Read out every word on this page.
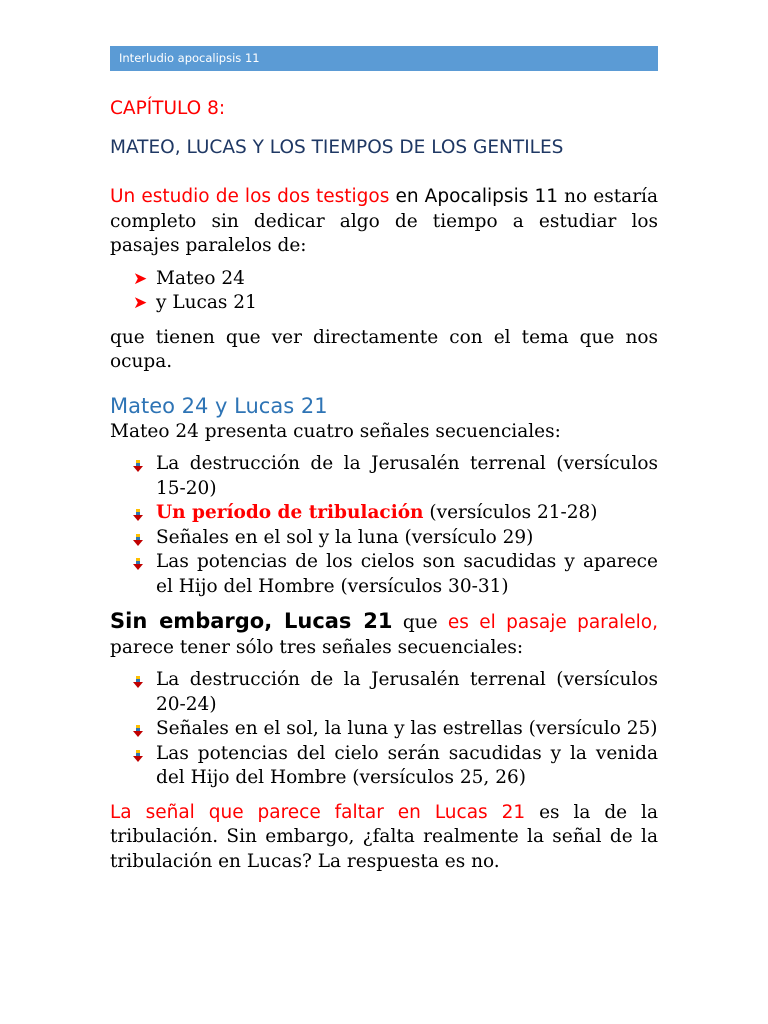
Interludio apocalipsis 11

CAPÍTULO 8:

MATEO, LUCAS Y LOS TIEMPOS DE LOS GENTILES

Un estudio de los dos testigos en Apocalipsis 11 no estaría completo sin dedicar algo de tiempo a estudiar los pasajes paralelos de:

➤ Mateo 24
➤ y Lucas 21

que tienen que ver directamente con el tema que nos ocupa.

Mateo 24 y Lucas 21

Mateo 24 presenta cuatro señales secuenciales:

La destrucción de la Jerusalén terrenal (versículos 15-20)
Un período de tribulación (versículos 21-28)
Señales en el sol y la luna (versículo 29)
Las potencias de los cielos son sacudidas y aparece el Hijo del Hombre (versículos 30-31)

Sin embargo, Lucas 21 que es el pasaje paralelo, parece tener sólo tres señales secuenciales:

La destrucción de la Jerusalén terrenal (versículos 20-24)
Señales en el sol, la luna y las estrellas (versículo 25)
Las potencias del cielo serán sacudidas y la venida del Hijo del Hombre (versículos 25, 26)

La señal que parece faltar en Lucas 21 es la de la tribulación. Sin embargo, ¿falta realmente la señal de la tribulación en Lucas? La respuesta es no.
